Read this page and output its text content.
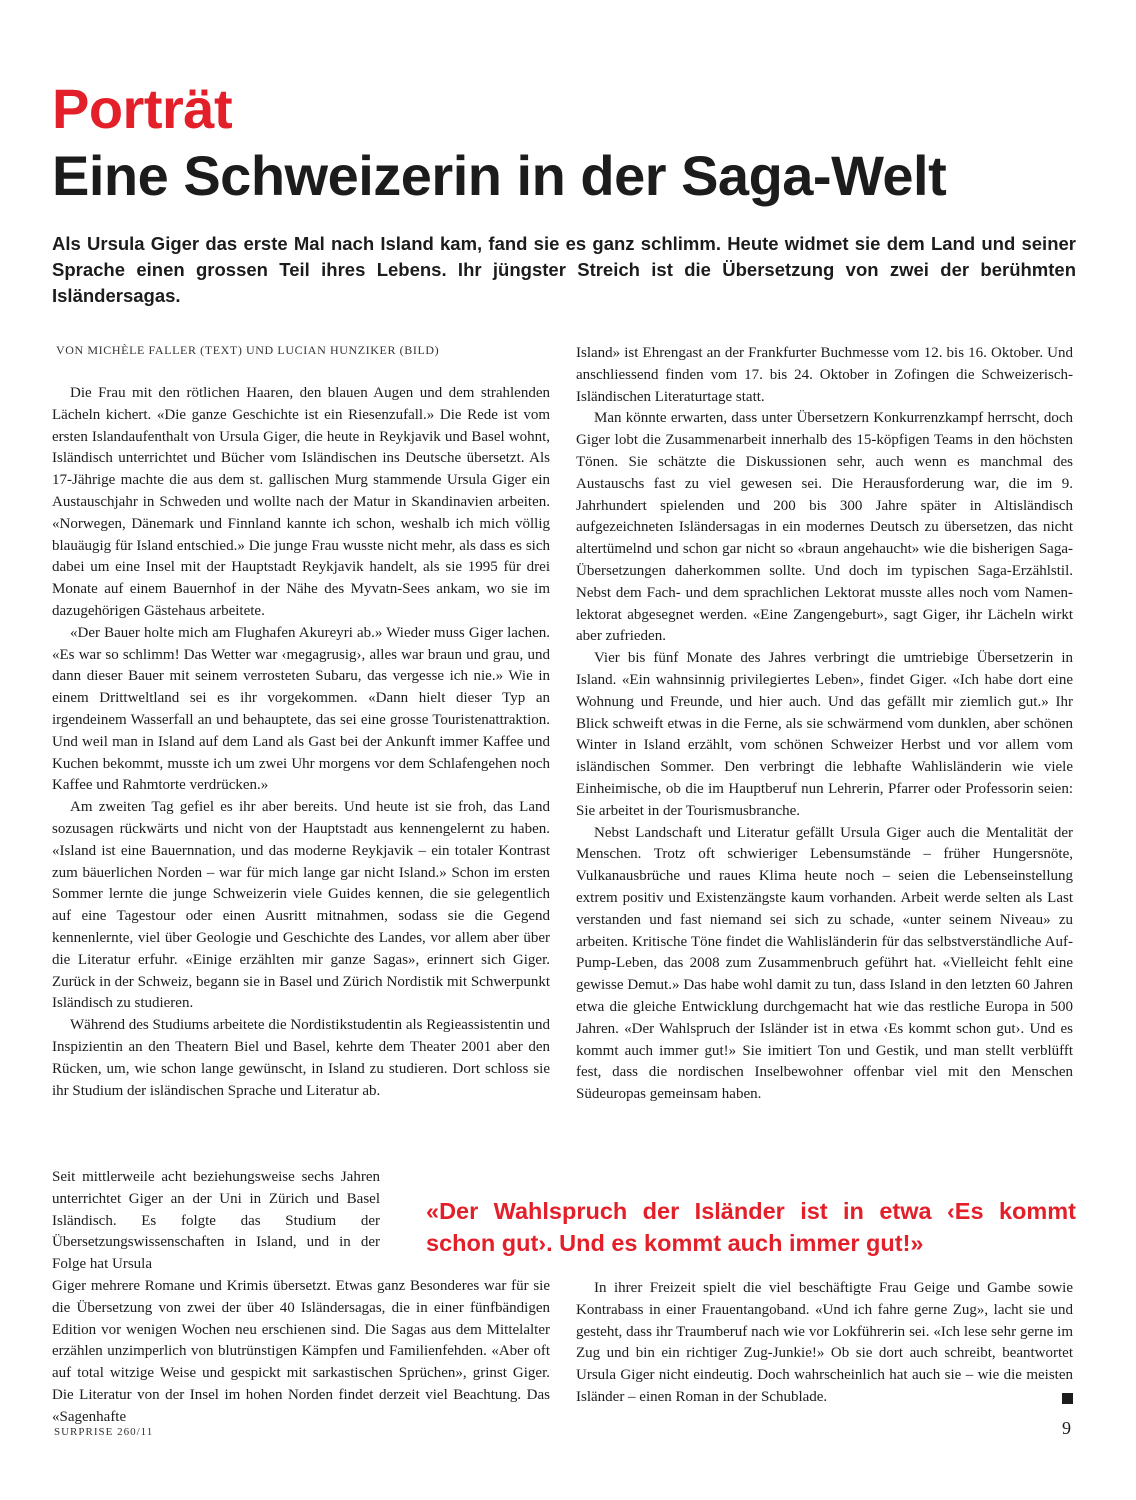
Porträt
Eine Schweizerin in der Saga-Welt

Als Ursula Giger das erste Mal nach Island kam, fand sie es ganz schlimm. Heute widmet sie dem Land und seiner Sprache einen grossen Teil ihres Lebens. Ihr jüngster Streich ist die Übersetzung von zwei der berühmten Isländersagas.

VON MICHÈLE FALLER (TEXT) UND LUCIAN HUNZIKER (BILD)

Die Frau mit den rötlichen Haaren, den blauen Augen und dem strahlenden Lächeln kichert. «Die ganze Geschichte ist ein Riesenzufall.» Die Rede ist vom ersten Islandaufenthalt von Ursula Giger, die heute in Reykjavik und Basel wohnt, Isländisch unterrichtet und Bücher vom Isländischen ins Deutsche übersetzt. Als 17-Jährige machte die aus dem st. gallischen Murg stammende Ursula Giger ein Austauschjahr in Schweden und wollte nach der Matur in Skandinavien arbeiten. «Norwegen, Dänemark und Finnland kannte ich schon, weshalb ich mich völlig blauäugig für Island entschied.» Die junge Frau wusste nicht mehr, als dass es sich dabei um eine Insel mit der Hauptstadt Reykjavik handelt, als sie 1995 für drei Monate auf einem Bauernhof in der Nähe des Myvatn-Sees ankam, wo sie im dazugehörigen Gästehaus arbeitete.

«Der Bauer holte mich am Flughafen Akureyri ab.» Wieder muss Giger lachen. «Es war so schlimm! Das Wetter war ‹megagrusig›, alles war braun und grau, und dann dieser Bauer mit seinem verrosteten Subaru, das vergesse ich nie.» Wie in einem Drittweltland sei es ihr vorgekommen. «Dann hielt dieser Typ an irgendeinem Wasserfall an und behauptete, das sei eine grosse Touristenattraktion. Und weil man in Island auf dem Land als Gast bei der Ankunft immer Kaffee und Kuchen bekommt, musste ich um zwei Uhr morgens vor dem Schlafengehen noch Kaffee und Rahmtorte verdrücken.»

Am zweiten Tag gefiel es ihr aber bereits. Und heute ist sie froh, das Land sozusagen rückwärts und nicht von der Hauptstadt aus kennengelernt zu haben. «Island ist eine Bauernnation, und das moderne Reykjavik – ein totaler Kontrast zum bäuerlichen Norden – war für mich lange gar nicht Island.» Schon im ersten Sommer lernte die junge Schweizerin viele Guides kennen, die sie gelegentlich auf eine Tagestour oder einen Ausritt mitnahmen, sodass sie die Gegend kennenlernte, viel über Geologie und Geschichte des Landes, vor allem aber über die Literatur erfuhr. «Einige erzählten mir ganze Sagas», erinnert sich Giger. Zurück in der Schweiz, begann sie in Basel und Zürich Nordistik mit Schwerpunkt Isländisch zu studieren.

Während des Studiums arbeitete die Nordistikstudentin als Regieassistentin und Inspizientin an den Theatern Biel und Basel, kehrte dem Theater 2001 aber den Rücken, um, wie schon lange gewünscht, in Island zu studieren. Dort schloss sie ihr Studium der isländischen Sprache und Literatur ab.

Seit mittlerweile acht beziehungsweise sechs Jahren unterrichtet Giger an der Uni in Zürich und Basel Isländisch. Es folgte das Studium der Übersetzungswissenschaften in Island, und in der Folge hat Ursula

Giger mehrere Romane und Krimis übersetzt. Etwas ganz Besonderes war für sie die Übersetzung von zwei der über 40 Isländersagas, die in einer fünfbändigen Edition vor wenigen Wochen neu erschienen sind. Die Sagas aus dem Mittelalter erzählen unzimperlich von blutrünstigen Kämpfen und Familienfehden. «Aber oft auf total witzige Weise und gespickt mit sarkastischen Sprüchen», grinst Giger. Die Literatur von der Insel im hohen Norden findet derzeit viel Beachtung. Das «Sagenhafte

Island» ist Ehrengast an der Frankfurter Buchmesse vom 12. bis 16. Oktober. Und anschliessend finden vom 17. bis 24. Oktober in Zofingen die Schweizerisch-Isländischen Literaturtage statt.

Man könnte erwarten, dass unter Übersetzern Konkurrenzkampf herrscht, doch Giger lobt die Zusammenarbeit innerhalb des 15-köpfigen Teams in den höchsten Tönen. Sie schätzte die Diskussionen sehr, auch wenn es manchmal des Austauschs fast zu viel gewesen sei. Die Herausforderung war, die im 9. Jahrhundert spielenden und 200 bis 300 Jahre später in Altisländisch aufgezeichneten Isländersagas in ein modernes Deutsch zu übersetzen, das nicht altertümelnd und schon gar nicht so «braun angehaucht» wie die bisherigen Saga-Übersetzungen daherkommen sollte. Und doch im typischen Saga-Erzählstil. Nebst dem Fach- und dem sprachlichen Lektorat musste alles noch vom Namen-lektorat abgesegnet werden. «Eine Zangengeburt», sagt Giger, ihr Lächeln wirkt aber zufrieden.

Vier bis fünf Monate des Jahres verbringt die umtriebige Übersetzerin in Island. «Ein wahnsinnig privilegiertes Leben», findet Giger. «Ich habe dort eine Wohnung und Freunde, und hier auch. Und das gefällt mir ziemlich gut.» Ihr Blick schweift etwas in die Ferne, als sie schwärmend vom dunklen, aber schönen Winter in Island erzählt, vom schönen Schweizer Herbst und vor allem vom isländischen Sommer. Den verbringt die lebhafte Wahlisländerin wie viele Einheimische, ob die im Hauptberuf nun Lehrerin, Pfarrer oder Professorin seien: Sie arbeitet in der Tourismusbranche.

Nebst Landschaft und Literatur gefällt Ursula Giger auch die Mentalität der Menschen. Trotz oft schwieriger Lebensumstände – früher Hungersnöte, Vulkanausbrüche und raues Klima heute noch – seien die Lebenseinstellung extrem positiv und Existenzängste kaum vorhanden. Arbeit werde selten als Last verstanden und fast niemand sei sich zu schade, «unter seinem Niveau» zu arbeiten. Kritische Töne findet die Wahlisländerin für das selbstverständliche Auf-Pump-Leben, das 2008 zum Zusammenbruch geführt hat. «Vielleicht fehlt eine gewisse Demut.» Das habe wohl damit zu tun, dass Island in den letzten 60 Jahren etwa die gleiche Entwicklung durchgemacht hat wie das restliche Europa in 500 Jahren. «Der Wahlspruch der Isländer ist in etwa ‹Es kommt schon gut›. Und es kommt auch immer gut!» Sie imitiert Ton und Gestik, und man stellt verblüfft fest, dass die nordischen Inselbewohner offenbar viel mit den Menschen Südeuropas gemeinsam haben.

«Der Wahlspruch der Isländer ist in etwa ‹Es kommt schon gut›. Und es kommt auch immer gut!»

In ihrer Freizeit spielt die viel beschäftigte Frau Geige und Gambe sowie Kontrabass in einer Frauentangoband. «Und ich fahre gerne Zug», lacht sie und gesteht, dass ihr Traumberuf nach wie vor Lokführerin sei. «Ich lese sehr gerne im Zug und bin ein richtiger Zug-Junkie!» Ob sie dort auch schreibt, beantwortet Ursula Giger nicht eindeutig. Doch wahrscheinlich hat auch sie – wie die meisten Isländer – einen Roman in der Schublade.

SURPRISE 260/11	9
